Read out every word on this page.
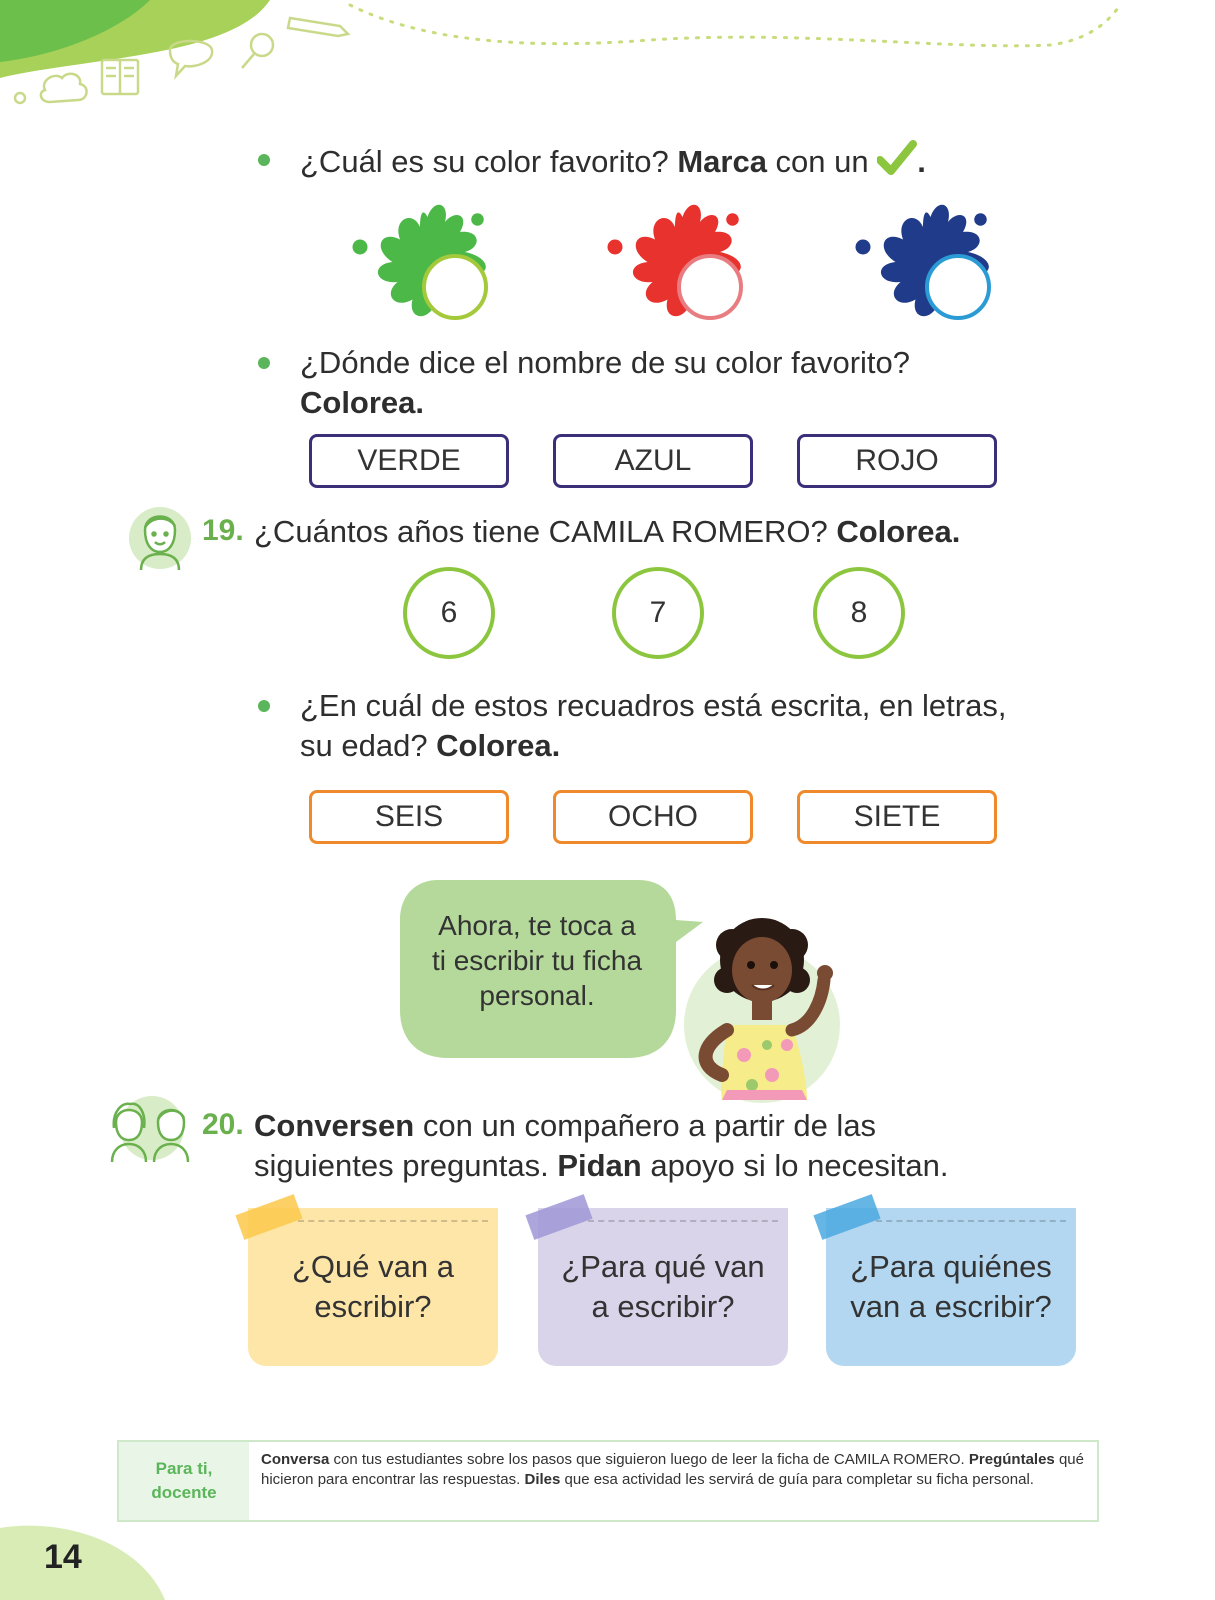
¿Cuál es su color favorito? Marca con un .
¿Dónde dice el nombre de su color favorito?
Colorea.
VERDE	AZUL	ROJO
19. ¿Cuántos años tiene CAMILA ROMERO? Colorea.
6	7	8
¿En cuál de estos recuadros está escrita, en letras,
su edad? Colorea.
SEIS	OCHO	SIETE
Ahora, te toca a
ti escribir tu ficha
personal.
20. Conversen con un compañero a partir de las
siguientes preguntas. Pidan apoyo si lo necesitan.
¿Qué van a
escribir?
¿Para qué van
a escribir?
¿Para quiénes
van a escribir?
Para ti,
docente
Conversa con tus estudiantes sobre los pasos que siguieron luego de leer la ficha de CAMILA ROMERO. Pregúntales qué hicieron para encontrar las respuestas. Diles que esa actividad les servirá de guía para completar su ficha personal.
14
